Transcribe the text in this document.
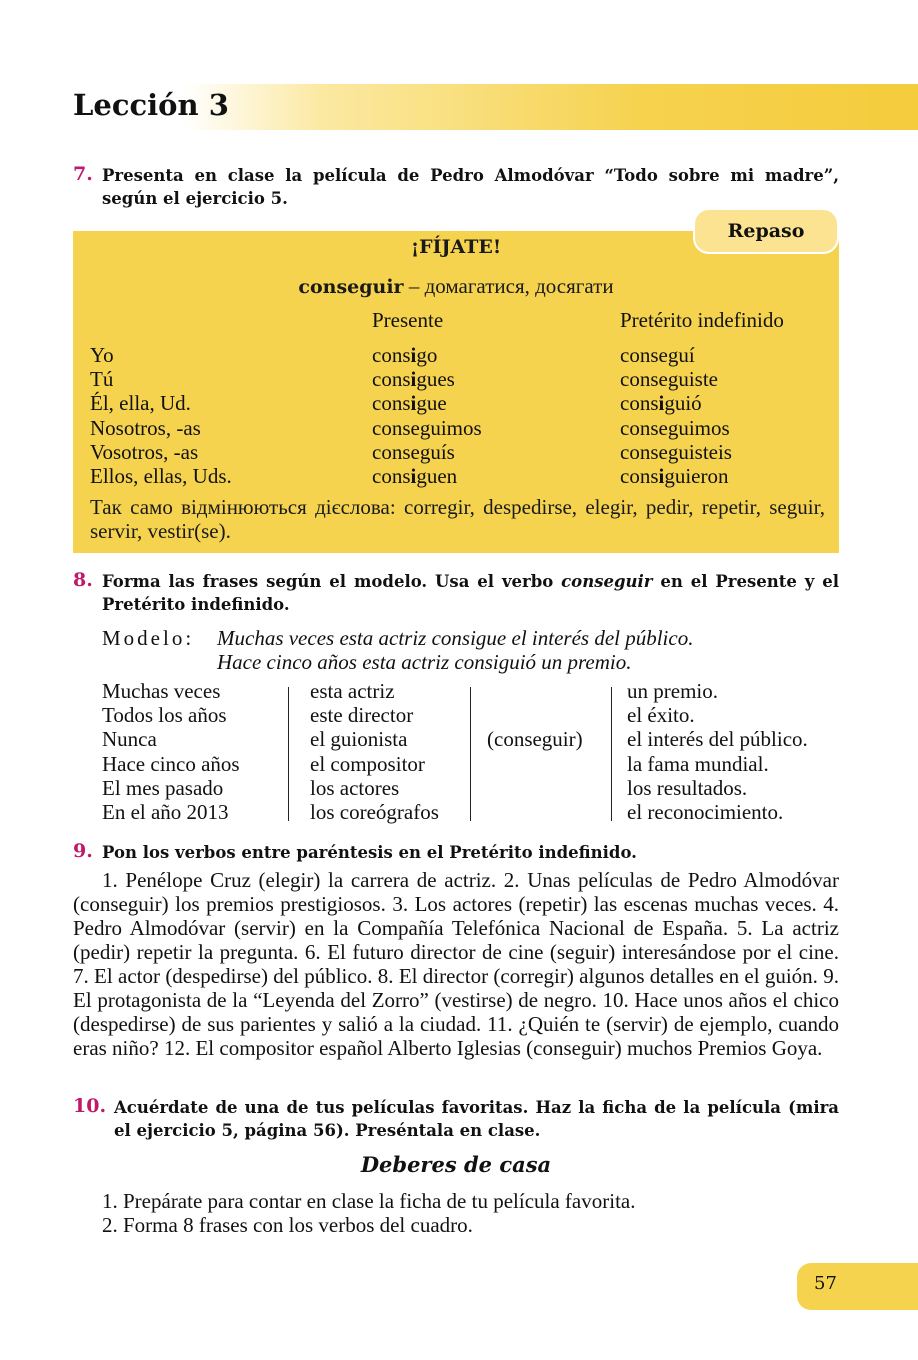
Lección 3
7. Presenta en clase la película de Pedro Almodóvar “Todo sobre mi madre”, según el ejercicio 5.
Repaso
¡FÍJATE!
conseguir – домагатися, досягати
Presente	Pretérito indefinido
Yo
Tú
Él, ella, Ud.
Nosotros, -as
Vosotros, -as
Ellos, ellas, Uds.
consigo
consigues
consigue
conseguimos
conseguís
consiguen
conseguí
conseguiste
consiguió
conseguimos
conseguisteis
consiguieron
Так само відмінюються дієслова: corregir, despedirse, elegir, pedir, repetir, seguir, servir, vestir(se).
8. Forma las frases según el modelo. Usa el verbo conseguir en el Presente y el Pretérito indefinido.
Modelo: Muchas veces esta actriz consigue el interés del público.
Hace cinco años esta actriz consiguió un premio.
Muchas veces
Todos los años
Nunca
Hace cinco años
El mes pasado
En el año 2013
esta actriz
este director
el guionista
el compositor
los actores
los coreógrafos
(conseguir)
un premio.
el éxito.
el interés del público.
la fama mundial.
los resultados.
el reconocimiento.
9. Pon los verbos entre paréntesis en el Pretérito indefinido.

1. Penélope Cruz (elegir) la carrera de actriz. 2. Unas películas de Pedro Almodóvar (conseguir) los premios prestigiosos. 3. Los actores (repetir) las escenas muchas veces. 4. Pedro Almodóvar (servir) en la Compañía Telefónica Nacional de España. 5. La actriz (pedir) repetir la pregunta. 6. El futuro director de cine (seguir) interesándose por el cine. 7. El actor (despedirse) del público. 8. El director (corregir) algunos detalles en el guión. 9. El protagonista de la “Leyenda del Zorro” (vestirse) de negro. 10. Hace unos años el chico (despedirse) de sus parientes y salió a la ciudad. 11. ¿Quién te (servir) de ejemplo, cuando eras niño? 12. El compositor español Alberto Iglesias (conseguir) muchos Premios Goya.

10. Acuérdate de una de tus películas favoritas. Haz la ficha de la película (mira el ejercicio 5, página 56). Preséntala en clase.
Deberes de casa
1. Prepárate para contar en clase la ficha de tu película favorita.
2. Forma 8 frases con los verbos del cuadro.
57
